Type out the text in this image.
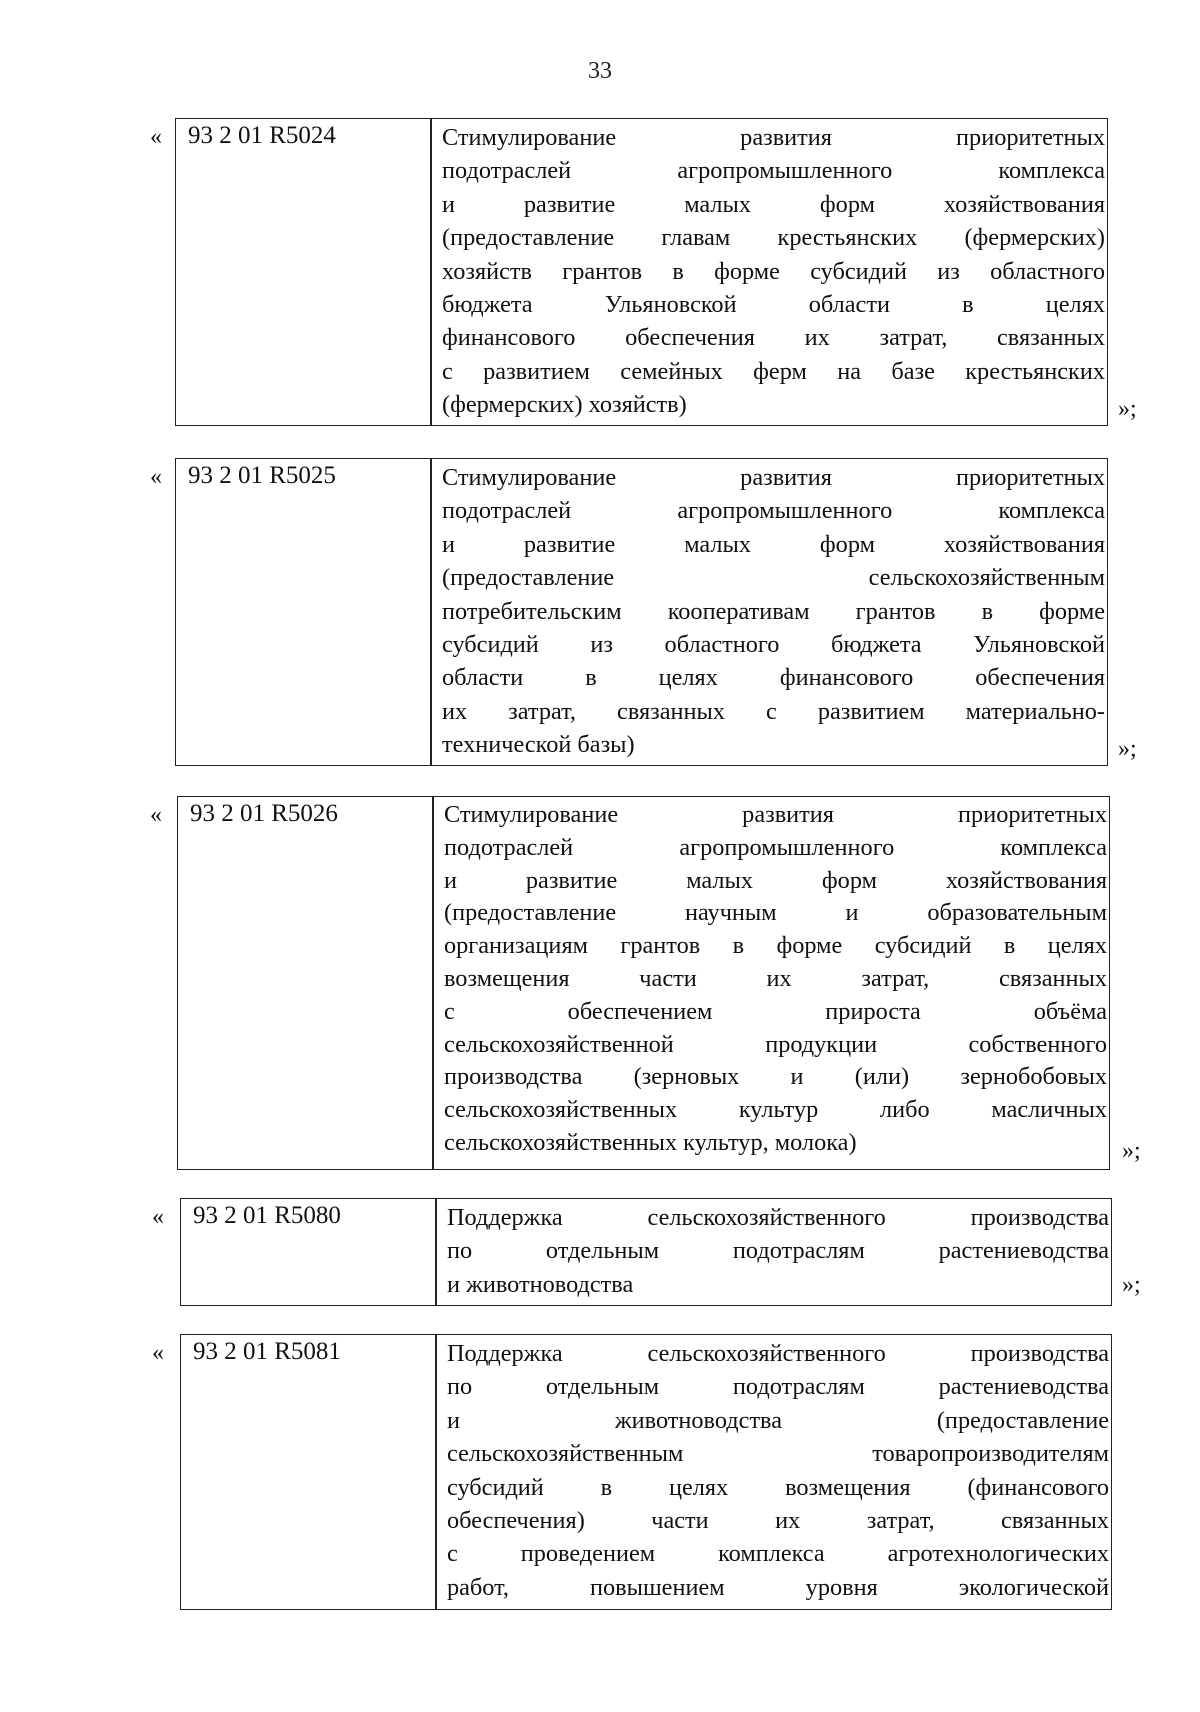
33
«	93 2 01 R5024	Стимулирование развития приоритетных
подотраслей агропромышленного комплекса
и развитие малых форм хозяйствования
(предоставление главам крестьянских (фермерских)
хозяйств грантов в форме субсидий из областного
бюджета Ульяновской области в целях
финансового обеспечения их затрат, связанных
с развитием семейных ферм на базе крестьянских
(фермерских) хозяйств)	»;
«	93 2 01 R5025	Стимулирование развития приоритетных
подотраслей агропромышленного комплекса
и развитие малых форм хозяйствования
(предоставление сельскохозяйственным
потребительским кооперативам грантов в форме
субсидий из областного бюджета Ульяновской
области в целях финансового обеспечения
их затрат, связанных с развитием материально-
технической базы)	»;
«	93 2 01 R5026	Стимулирование развития приоритетных
подотраслей агропромышленного комплекса
и развитие малых форм хозяйствования
(предоставление научным и образовательным
организациям грантов в форме субсидий в целях
возмещения части их затрат, связанных
с обеспечением прироста объёма
сельскохозяйственной продукции собственного
производства (зерновых и (или) зернобобовых
сельскохозяйственных культур либо масличных
сельскохозяйственных культур, молока)	»;
«	93 2 01 R5080	Поддержка сельскохозяйственного производства
по отдельным подотраслям растениеводства
и животноводства	»;
«	93 2 01 R5081	Поддержка сельскохозяйственного производства
по отдельным подотраслям растениеводства
и животноводства (предоставление
сельскохозяйственным товаропроизводителям
субсидий в целях возмещения (финансового
обеспечения) части их затрат, связанных
с проведением комплекса агротехнологических
работ, повышением уровня экологической
